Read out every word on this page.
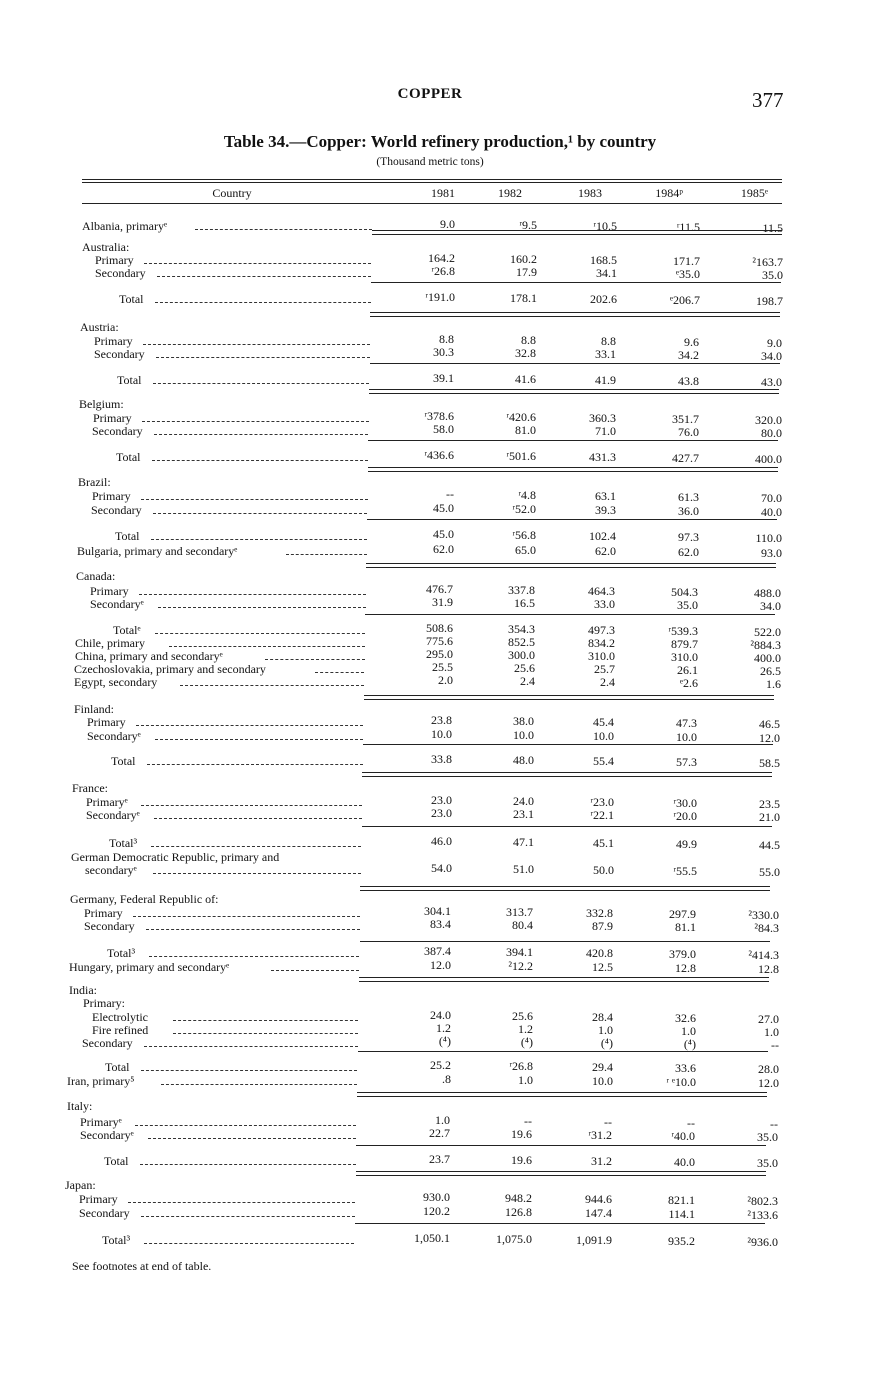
COPPER	377
Table 34.—Copper: World refinery production,¹ by country
(Thousand metric tons)
Country	1981	1982	1983	1984ᵖ	1985ᵉ
Albania, primaryᵉ	9.0	ʳ9.5	ʳ10.5	ʳ11.5	11.5
Australia:
Primary	164.2	160.2	168.5	171.7	²163.7
Secondary	ʳ26.8	17.9	34.1	ᵉ35.0	35.0
Total	ʳ191.0	178.1	202.6	ᵉ206.7	198.7
Austria:
Primary	8.8	8.8	8.8	9.6	9.0
Secondary	30.3	32.8	33.1	34.2	34.0
Total	39.1	41.6	41.9	43.8	43.0
Belgium:
Primary	ʳ378.6	ʳ420.6	360.3	351.7	320.0
Secondary	58.0	81.0	71.0	76.0	80.0
Total	ʳ436.6	ʳ501.6	431.3	427.7	400.0
Brazil:
Primary	--	ʳ4.8	63.1	61.3	70.0
Secondary	45.0	ʳ52.0	39.3	36.0	40.0
Total	45.0	ʳ56.8	102.4	97.3	110.0
Bulgaria, primary and secondaryᵉ	62.0	65.0	62.0	62.0	93.0
Canada:
Primary	476.7	337.8	464.3	504.3	488.0
Secondaryᵉ	31.9	16.5	33.0	35.0	34.0
Totalᵉ	508.6	354.3	497.3	ʳ539.3	522.0
Chile, primary	775.6	852.5	834.2	879.7	²884.3
China, primary and secondaryᵉ	295.0	300.0	310.0	310.0	400.0
Czechoslovakia, primary and secondary	25.5	25.6	25.7	26.1	26.5
Egypt, secondary	2.0	2.4	2.4	ᵉ2.6	1.6
Finland:
Primary	23.8	38.0	45.4	47.3	46.5
Secondaryᵉ	10.0	10.0	10.0	10.0	12.0
Total	33.8	48.0	55.4	57.3	58.5
France:
Primaryᵉ	23.0	24.0	ʳ23.0	ʳ30.0	23.5
Secondaryᵉ	23.0	23.1	ʳ22.1	ʳ20.0	21.0
Total³	46.0	47.1	45.1	49.9	44.5
German Democratic Republic, primary and
secondaryᵉ	54.0	51.0	50.0	ʳ55.5	55.0
Germany, Federal Republic of:
Primary	304.1	313.7	332.8	297.9	²330.0
Secondary	83.4	80.4	87.9	81.1	²84.3
Total³	387.4	394.1	420.8	379.0	²414.3
Hungary, primary and secondaryᵉ	12.0	²12.2	12.5	12.8	12.8
India:
Primary:
Electrolytic	24.0	25.6	28.4	32.6	27.0
Fire refined	1.2	1.2	1.0	1.0	1.0
Secondary	(⁴)	(⁴)	(⁴)	(⁴)	--
Total	25.2	ʳ26.8	29.4	33.6	28.0
Iran, primary⁵	.8	1.0	10.0	ʳ ᵉ10.0	12.0
Italy:
Primaryᵉ	1.0	--	--	--	--
Secondaryᵉ	22.7	19.6	ʳ31.2	ʳ40.0	35.0
Total	23.7	19.6	31.2	40.0	35.0
Japan:
Primary	930.0	948.2	944.6	821.1	²802.3
Secondary	120.2	126.8	147.4	114.1	²133.6
Total³	1,050.1	1,075.0	1,091.9	935.2	²936.0
See footnotes at end of table.
